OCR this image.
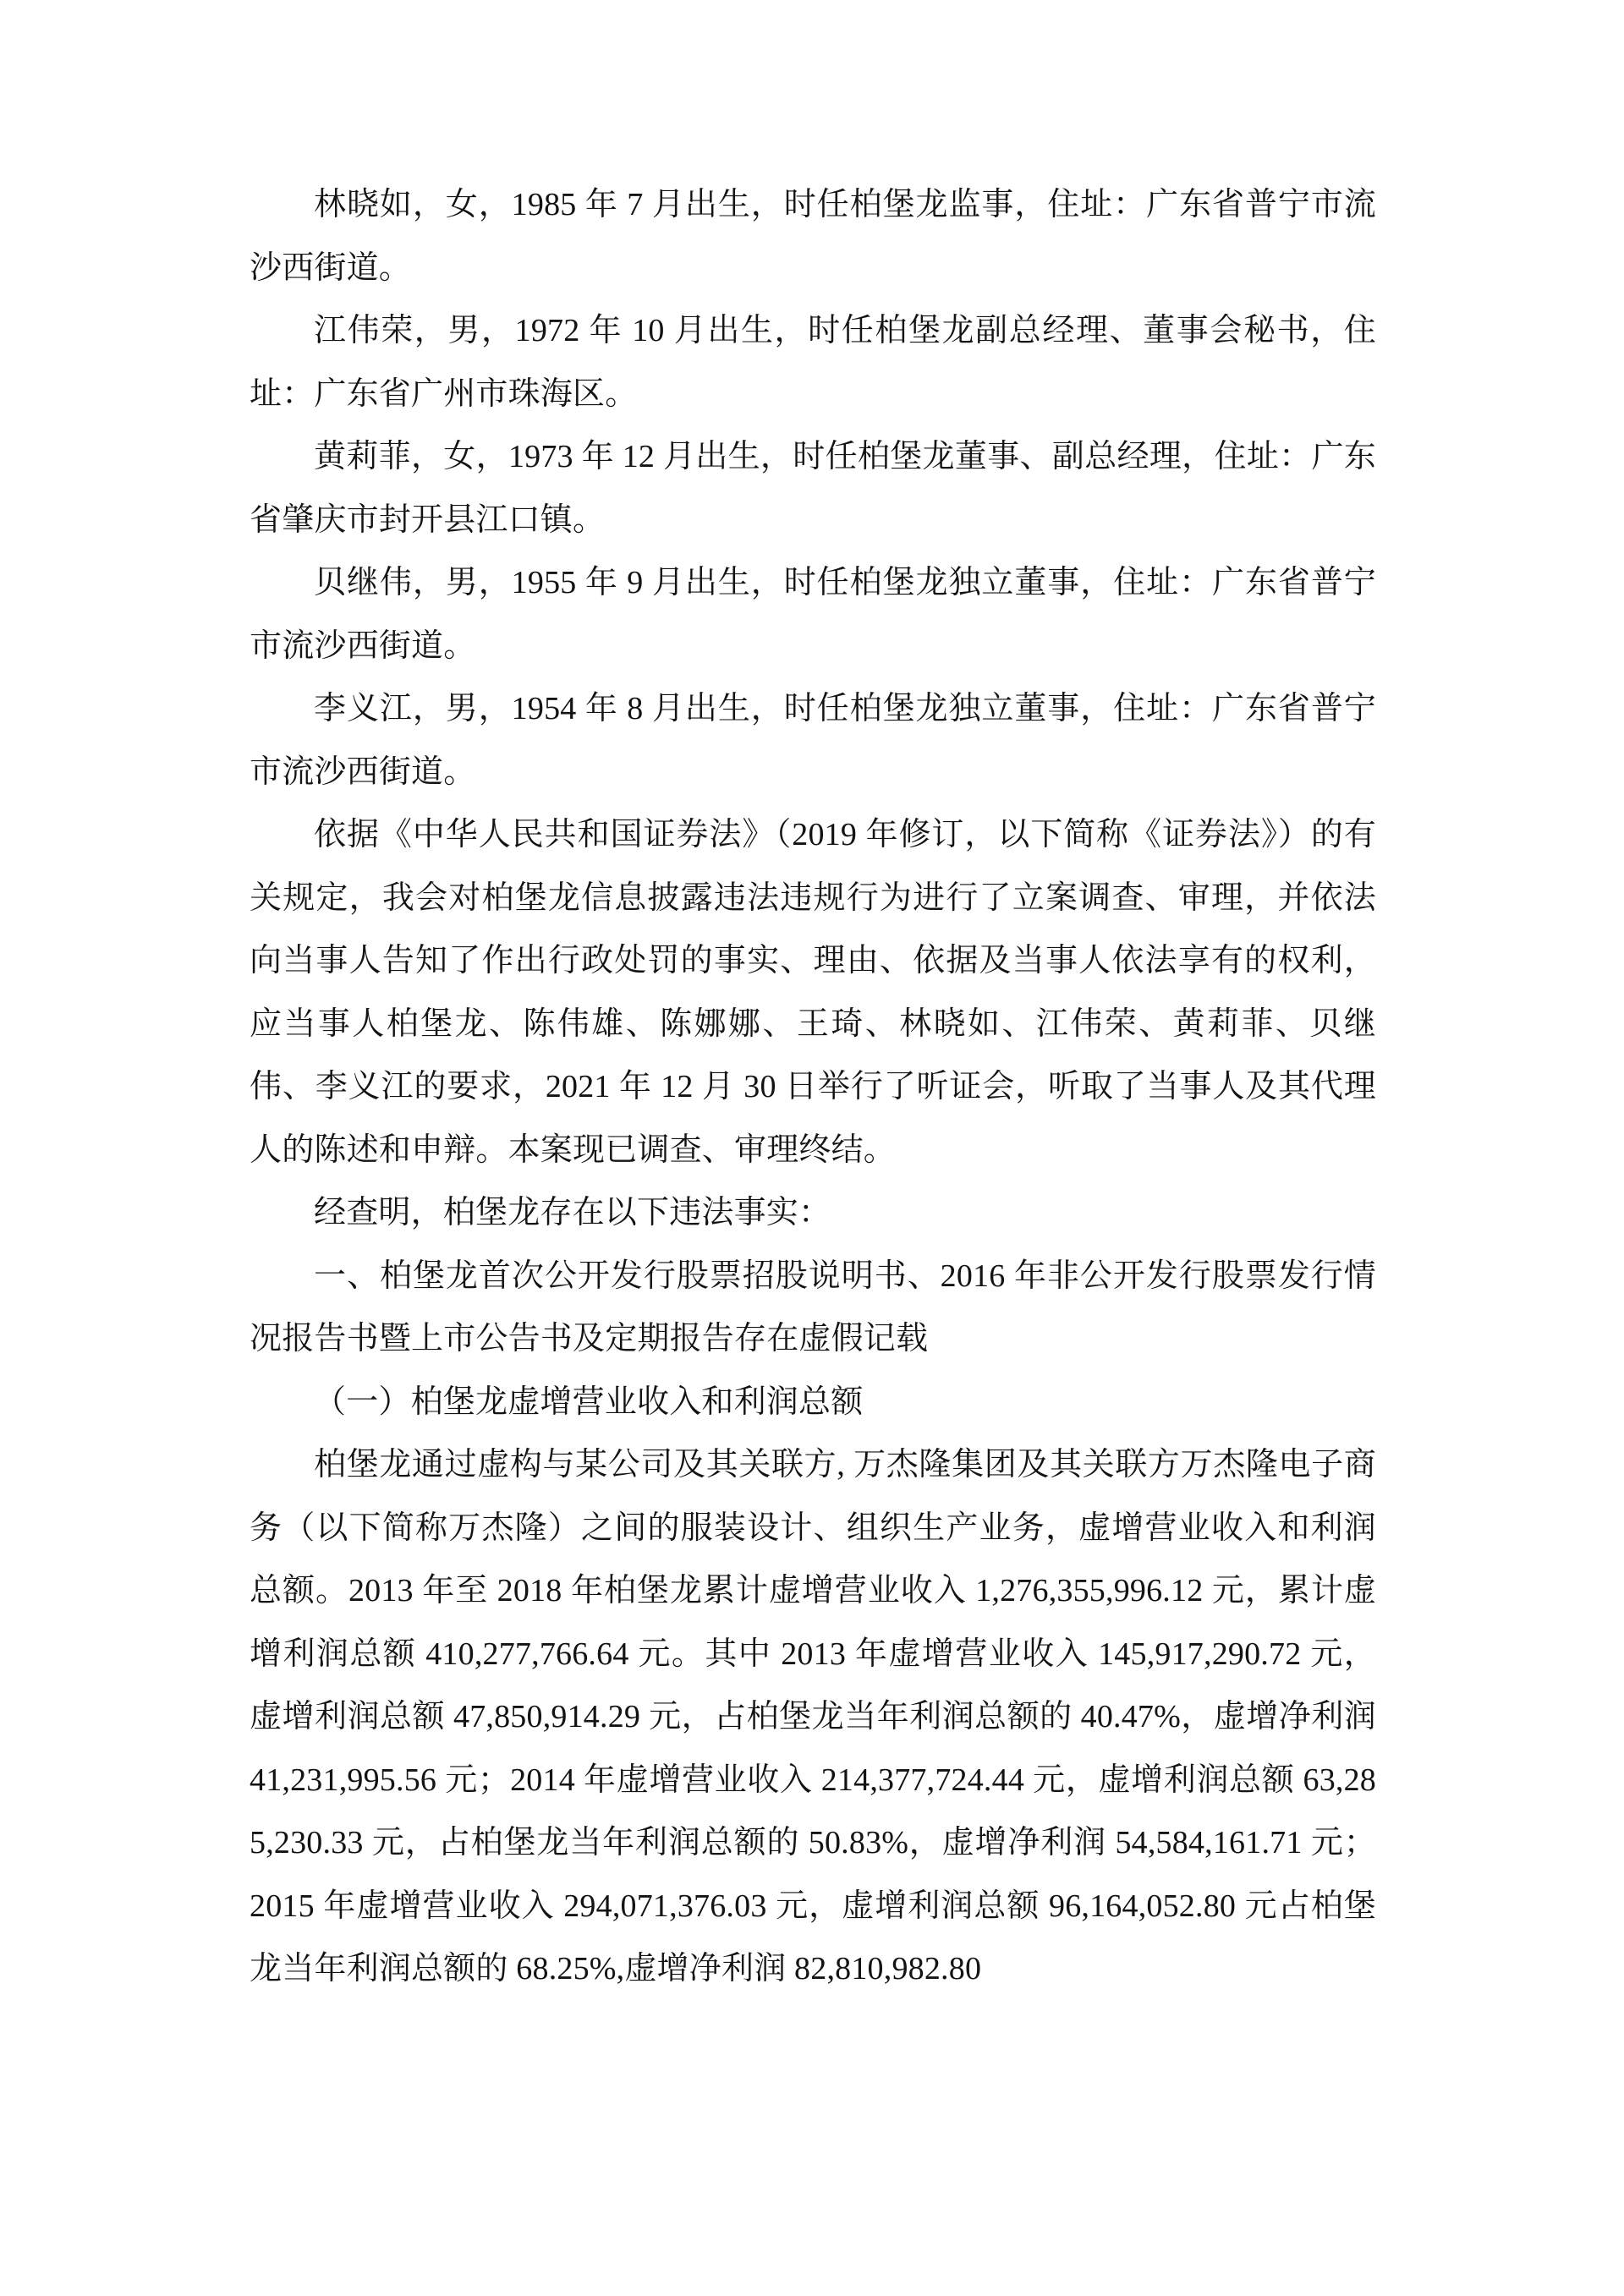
林晓如，女，1985 年 7 月出生，时任柏堡龙监事，住址：广东省普宁市流沙西街道。

江伟荣，男，1972 年 10 月出生，时任柏堡龙副总经理、董事会秘书，住址：广东省广州市珠海区。

黄莉菲，女，1973 年 12 月出生，时任柏堡龙董事、副总经理，住址：广东省肇庆市封开县江口镇。

贝继伟，男，1955 年 9 月出生，时任柏堡龙独立董事，住址：广东省普宁市流沙西街道。

李义江，男，1954 年 8 月出生，时任柏堡龙独立董事，住址：广东省普宁市流沙西街道。

依据《中华人民共和国证券法》（2019 年修订，以下简称《证券法》）的有关规定，我会对柏堡龙信息披露违法违规行为进行了立案调查、审理，并依法向当事人告知了作出行政处罚的事实、理由、依据及当事人依法享有的权利，应当事人柏堡龙、陈伟雄、陈娜娜、王琦、林晓如、江伟荣、黄莉菲、贝继伟、李义江的要求，2021 年 12 月 30 日举行了听证会，听取了当事人及其代理人的陈述和申辩。本案现已调查、审理终结。

经查明，柏堡龙存在以下违法事实：

一、柏堡龙首次公开发行股票招股说明书、2016 年非公开发行股票发行情况报告书暨上市公告书及定期报告存在虚假记载

（一）柏堡龙虚增营业收入和利润总额

柏堡龙通过虚构与某公司及其关联方, 万杰隆集团及其关联方万杰隆电子商务（以下简称万杰隆）之间的服装设计、组织生产业务，虚增营业收入和利润总额。2013 年至 2018 年柏堡龙累计虚增营业收入 1,276,355,996.12 元，累计虚增利润总额 410,277,766.64 元。其中 2013 年虚增营业收入 145,917,290.72 元，虚增利润总额 47,850,914.29 元，占柏堡龙当年利润总额的 40.47%，虚增净利润 41,231,995.56 元；2014 年虚增营业收入 214,377,724.44 元，虚增利润总额 63,285,230.33 元，占柏堡龙当年利润总额的 50.83%，虚增净利润 54,584,161.71 元；2015 年虚增营业收入 294,071,376.03 元，虚增利润总额 96,164,052.80 元占柏堡龙当年利润总额的 68.25%,虚增净利润 82,810,982.80
